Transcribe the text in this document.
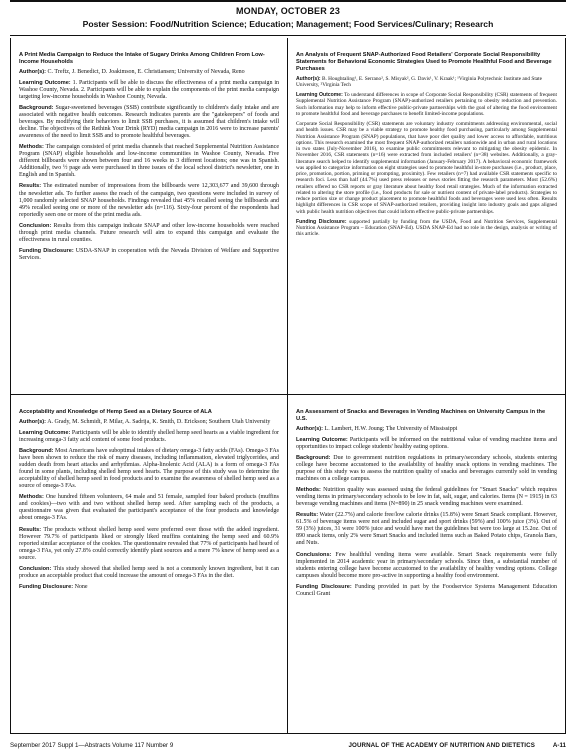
MONDAY, OCTOBER 23
Poster Session: Food/Nutrition Science; Education; Management; Food Services/Culinary; Research
A Print Media Campaign to Reduce the Intake of Sugary Drinks Among Children From Low-Income Households
Author(s): C. Treftz, J. Benedict, D. Joakimson, E. Christiansen; University of Nevada, Reno
Learning Outcome: 1. Participants will be able to discuss the effectiveness of a print media campaign in Washoe County, Nevada. 2. Participants will be able to explain the components of the print media campaign targeting low-income households in Washoe County, Nevada.
Background: Sugar-sweetened beverages (SSB) contribute significantly to children's daily intake and are associated with negative health outcomes. Research indicates parents are the "gatekeepers" of foods and beverages. By modifying their behaviors to limit SSB purchases, it is assumed that children's intake will decline. The objectives of the Rethink Your Drink (RYD) media campaign in 2016 were to increase parents' awareness of the need to limit SSB and to promote healthful beverages.
Methods: The campaign consisted of print media channels that reached Supplemental Nutrition Assistance Program (SNAP) eligible households and low-income communities in Washoe County, Nevada. Five different billboards were shown between four and 16 weeks in 3 different locations; one was in Spanish. Additionally, two ½ page ads were purchased in three issues of the local school district's newsletter, one in English and in Spanish.
Results: The estimated number of impressions from the billboards were 12,303,677 and 39,600 through the newsletter ads. To further assess the reach of the campaign, two questions were included in survey of 1,000 randomly selected SNAP households. Findings revealed that 45% recalled seeing the billboards and 49% recalled seeing one or more of the newsletter ads (n=116). Sixty-four percent of the respondents had reportedly seen one or more of the print media ads.
Conclusion: Results from this campaign indicate SNAP and other low-income households were reached through print media channels. Future research will aim to expand this campaign and evaluate the effectiveness in rural counties.
Funding Disclosure: USDA-SNAP in cooperation with the Nevada Division of Welfare and Supportive Services.
An Analysis of Frequent SNAP-Authorized Food Retailers' Corporate Social Responsibility Statements for Behavioral Economic Strategies Used to Promote Healthful Food and Beverage Purchases
Author(s): B. Houghtaling¹, E. Serrano², S. Misyak², G. Davis¹, V. Kraak¹; ¹Virginia Polytechnic Institute and State University, ²Virginia Tech
Learning Outcome: To understand differences in scope of Corporate Social Responsibility (CSR) statements of frequent Supplemental Nutrition Assistance Program (SNAP)-authorized retailers pertaining to obesity reduction and prevention. Such information may help to inform effective public-private partnerships with the goal of altering the food environment to promote healthful food and beverage purchases to benefit limited-income populations.
Corporate Social Responsibility (CSR) statements are voluntary industry commitments addressing environmental, social and health issues. CSR may be a viable strategy to promote healthy food purchasing, particularly among Supplemental Nutrition Assistance Program (SNAP) populations, that have poor diet quality and lower access to affordable, nutritious options. This research examined the most frequent SNAP-authorized retailers nationwide and in urban and rural locations in two states (July-November 2016), to examine public commitments relevant to mitigating the obesity epidemic. In November 2016, CSR statements (n=16) were extracted from included retailers' (n=38) websites. Additionally, a gray-literature search helped to identify supplemental information (January-February 2017). A behavioral economic framework was applied to categorize information on eight strategies used to promote healthful in-store purchases (i.e., product, place, price, promotion, portion, priming or prompting, proximity). Few retailers (n=7) had available CSR statements specific to research foci. Less than half (44.7%) used press releases or news stories fitting the research parameters. Most (52.6%) retailers offered no CSR reports or gray literature about healthy food retail strategies. Much of the information extracted related to altering the store profile (i.e., food products for sale or nutrient content of private-label products). Strategies to reduce portion size or change product placement to promote healthful foods and beverages were used less often. Results highlight differences in CSR scope of SNAP-authorized retailers, providing insight into industry goals and gaps aligned with public health nutrition objectives that could inform effective public-private partnerships.
Funding Disclosure: supported partially by funding from the USDA, Food and Nutrition Services, Supplemental Nutrition Assistance Program – Education (SNAP-Ed). USDA SNAP-Ed had no role in the design, analysis or writing of this article.
Acceptability and Knowledge of Hemp Seed as a Dietary Source of ALA
Author(s): A. Grady, M. Schmidt, P. Milar, A. Sadrija, K. Smith, D. Erickson; Southern Utah University
Learning Outcome: Participants will be able to identify shelled hemp seed hearts as a viable ingredient for increasing omega-3 fatty acid content of some food products.
Background: Most Americans have suboptimal intakes of dietary omega-3 fatty acids (FAs). Omega-3 FAs have been shown to reduce the risk of many diseases, including inflammation, elevated triglycerides, and sudden death from heart attacks and arrhythmias. Alpha-linolenic Acid (ALA) is a form of omega-3 FAs found in some plants, including shelled hemp seed hearts. The purpose of this study was to determine the acceptability of shelled hemp seed in food products and to examine the awareness of shelled hemp seed as a source of omega-3 FAs.
Methods: One hundred fifteen volunteers, 64 male and 51 female, sampled four baked products (muffins and cookies)—two with and two without shelled hemp seed. After sampling each of the products, a questionnaire was given that evaluated the participant's acceptance of the four products and knowledge about omega-3 FAs.
Results: The products without shelled hemp seed were preferred over those with the added ingredient. However 79.7% of participants liked or strongly liked muffins containing the hemp seed and 60.9% reported similar acceptance of the cookies. The questionnaire revealed that 77% of participants had heard of omega-3 FAs, yet only 27.8% could correctly identify plant sources and a mere 7% knew of hemp seed as a source.
Conclusion: This study showed that shelled hemp seed is not a commonly known ingredient, but it can produce an acceptable product that could increase the amount of omega-3 FAs in the diet.
Funding Disclosure: None
An Assessment of Snacks and Beverages in Vending Machines on University Campus in the U.S.
Author(s): L. Lambert, H.W. Joung; The University of Mississippi
Learning Outcome: Participants will be informed on the nutritional value of vending machine items and opportunities to impact college students' healthy eating options.
Background: Due to government nutrition regulations in primary/secondary schools, students entering college have become accustomed to the availability of healthy snack options in vending machines. The purpose of this study was to assess the nutrition quality of snacks and beverages currently sold in vending machines on a college campus.
Methods: Nutrition quality was assessed using the federal guidelines for "Smart Snacks" which requires vending items in primary/secondary schools to be low in fat, salt, sugar, and calories. Items (N = 1915) in 63 beverage vending machines and items (N=890) in 25 snack vending machines were examined.
Results: Water (22.7%) and calorie free/low calorie drinks (15.8%) were Smart Snack compliant. However, 61.5% of beverage items were not and included sugar and sport drinks (59%) and 100% juice (3%). Out of 59 (3%) juices, 31 were 100% juice and would have met the guidelines but were too large at 15.2oz. Out of 890 snack items, only 2% were Smart Snacks and included items such as Baked Potato chips, Granola Bars, and Nuts.
Conclusions: Few healthful vending items were available. Smart Snack requirements were fully implemented in 2014 academic year in primary/secondary schools. Since then, a substantial number of students entering college have become accustomed to the availability of healthy vending options. College campuses should become more pro-active in supporting a healthy food environment.
Funding Disclosure: Funding provided in part by the Foodservice Systems Management Education Council Grant
September 2017 Suppl 1—Abstracts Volume 117 Number 9	JOURNAL OF THE ACADEMY OF NUTRITION AND DIETETICS	A-11
